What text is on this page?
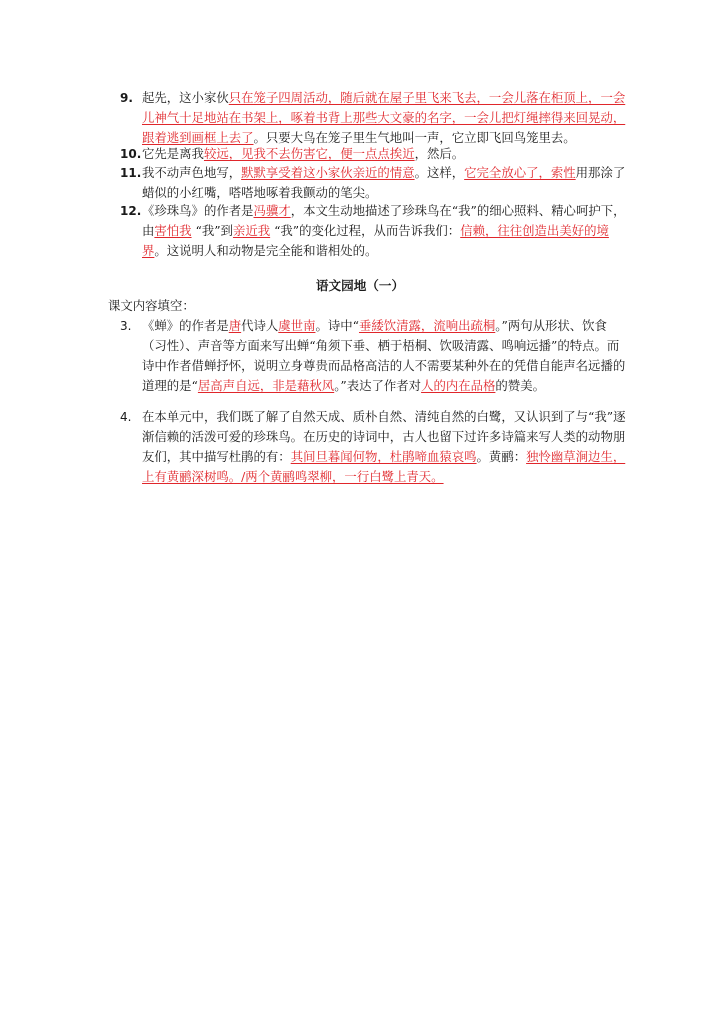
9. 起先，这小家伙只在笼子四周活动，随后就在屋子里飞来飞去，一会儿落在柜顶上，一会儿神气十足地站在书架上，啄着书背上那些大文豪的名字，一会儿把灯绳摔得来回晃动，跟着逃到画框上去了。只要大鸟在笼子里生气地叫一声，它立即飞回鸟笼里去。
10. 它先是离我较远，见我不去伤害它，便一点点挨近，然后。
11. 我不动声色地写，默默享受着这小家伙亲近的情意。这样，它完全放心了，索性用那涂了蜡似的小红嘴，嗒嗒地啄着我颤动的笔尖。
12. 《珍珠鸟》的作者是冯骥才，本文生动地描述了珍珠鸟在“我”的细心照料、精心呵护下，由害怕我 “我”到亲近我 “我”的变化过程，从而告诉我们：信赖，往往创造出美好的境界。这说明人和动物是完全能和谐相处的。
语文园地（一）
课文内容填空：
3. 《蝉》的作者是唐代诗人虞世南。诗中“垂緌饮清露，流响出疏桐。”两句从形状、饮食（习性）、声音等方面来写出蝉“角须下垂、栖于梧桐、饮吸清露、鸣响远播”的特点。而诗中作者借蝉抒怀，说明立身尊贵而品格高洁的人不需要某种外在的凭借自能声名远播的道理的是“居高声自远，非是藉秋风。”表达了作者对人的内在品格的赞美。
4. 在本单元中，我们既了解了自然天成、质朴自然、清纯自然的白鹭，又认识到了与“我”逐渐信赖的活泼可爱的珍珠鸟。在历史的诗词中，古人也留下过许多诗篇来写人类的动物朋友们，其中描写杜鹃的有：其间旦暮闻何物，杜鹃啼血猿哀鸣。黄鹂：独怜幽草涧边生，上有黄鹂深树鸣。/两个黄鹂鸣翠柳，一行白鹭上青天。
